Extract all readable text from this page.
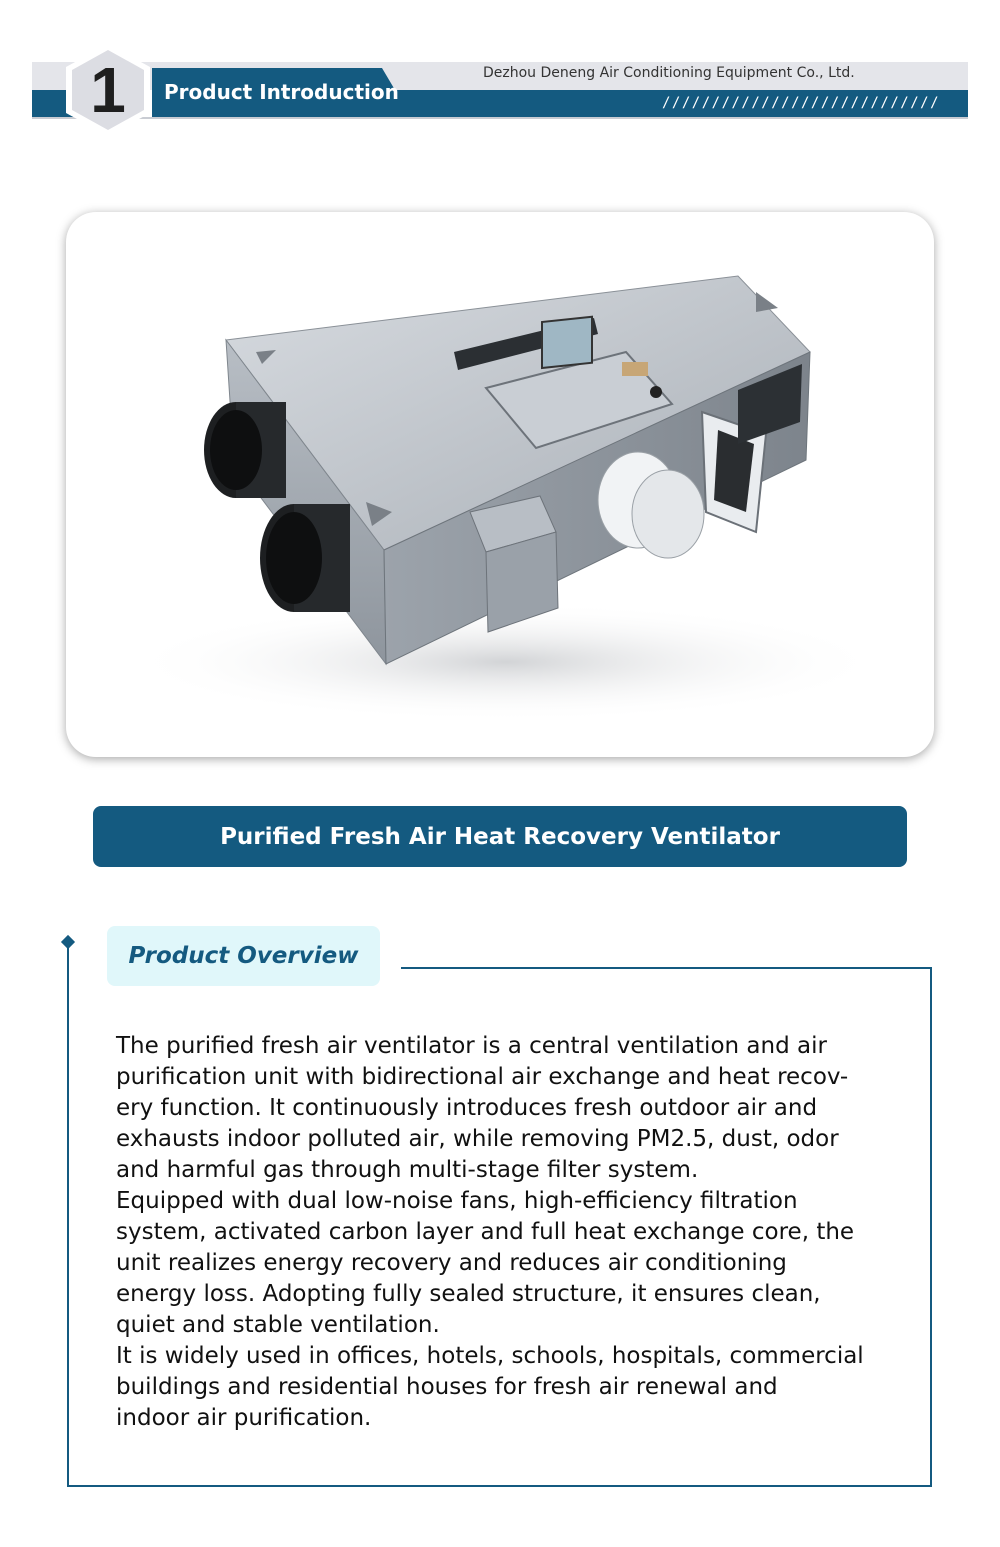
1	Product Introduction
Dezhou Deneng Air Conditioning Equipment Co., Ltd.
////////////////////////////
Purified Fresh Air Heat Recovery Ventilator
Product Overview

The purified fresh air ventilator is a central ventilation and air

purification unit with bidirectional air exchange and heat recov-

ery function. It continuously introduces fresh outdoor air and

exhausts indoor polluted air, while removing PM2.5, dust, odor

and harmful gas through multi-stage filter system.

Equipped with dual low-noise fans, high-efficiency filtration

system, activated carbon layer and full heat exchange core, the

unit realizes energy recovery and reduces air conditioning

energy loss. Adopting fully sealed structure, it ensures clean,

quiet and stable ventilation.

It is widely used in offices, hotels, schools, hospitals, commercial

buildings and residential houses for fresh air renewal and

indoor air purification.
